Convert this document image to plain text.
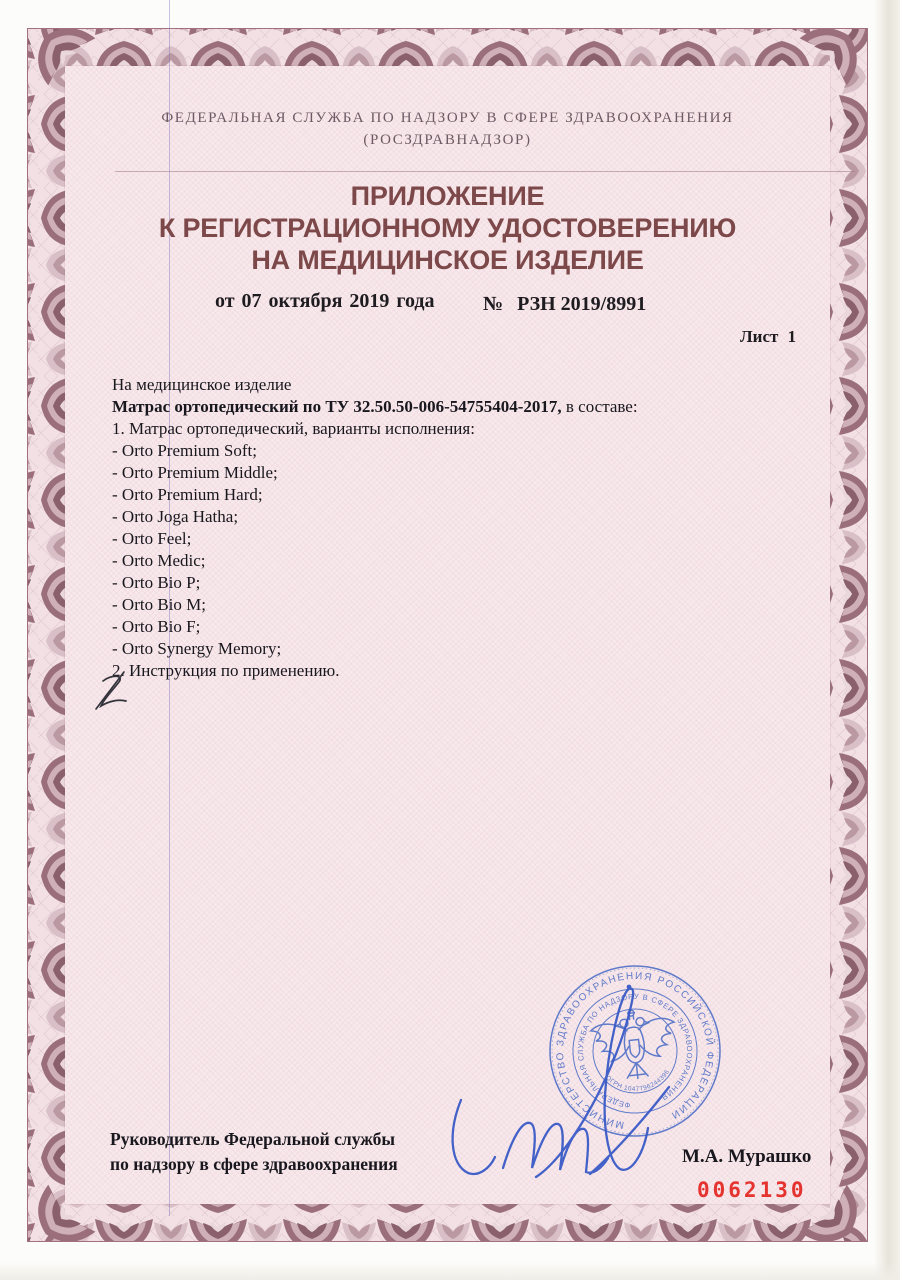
ФЕДЕРАЛЬНАЯ СЛУЖБА ПО НАДЗОРУ В СФЕРЕ ЗДРАВООХРАНЕНИЯ
(РОСЗДРАВНАДЗОР)
ПРИЛОЖЕНИЕ
К РЕГИСТРАЦИОННОМУ УДОСТОВЕРЕНИЮ
НА МЕДИЦИНСКОЕ ИЗДЕЛИЕ
от 07 октября 2019 года № РЗН 2019/8991
Лист 1
На медицинское изделие
Матрас ортопедический по ТУ 32.50.50-006-54755404-2017, в составе:
1. Матрас ортопедический, варианты исполнения:
- Orto Premium Soft;
- Orto Premium Middle;
- Orto Premium Hard;
- Orto Joga Hatha;
- Orto Feel;
- Orto Medic;
- Orto Bio P;
- Orto Bio M;
- Orto Bio F;
- Orto Synergy Memory;
2. Инструкция по применению.
Руководитель Федеральной службы
по надзору в сфере здравоохранения	М.А. Мурашко
0062130
МИНИСТЕРСТВО ЗДРАВООХРАНЕНИЯ РОССИЙСКОЙ ФЕДЕРАЦИИ
ФЕДЕРАЛЬНАЯ СЛУЖБА ПО НАДЗОРУ В СФЕРЕ ЗДРАВООХРАНЕНИЯ
ОГРН 1047796244396
